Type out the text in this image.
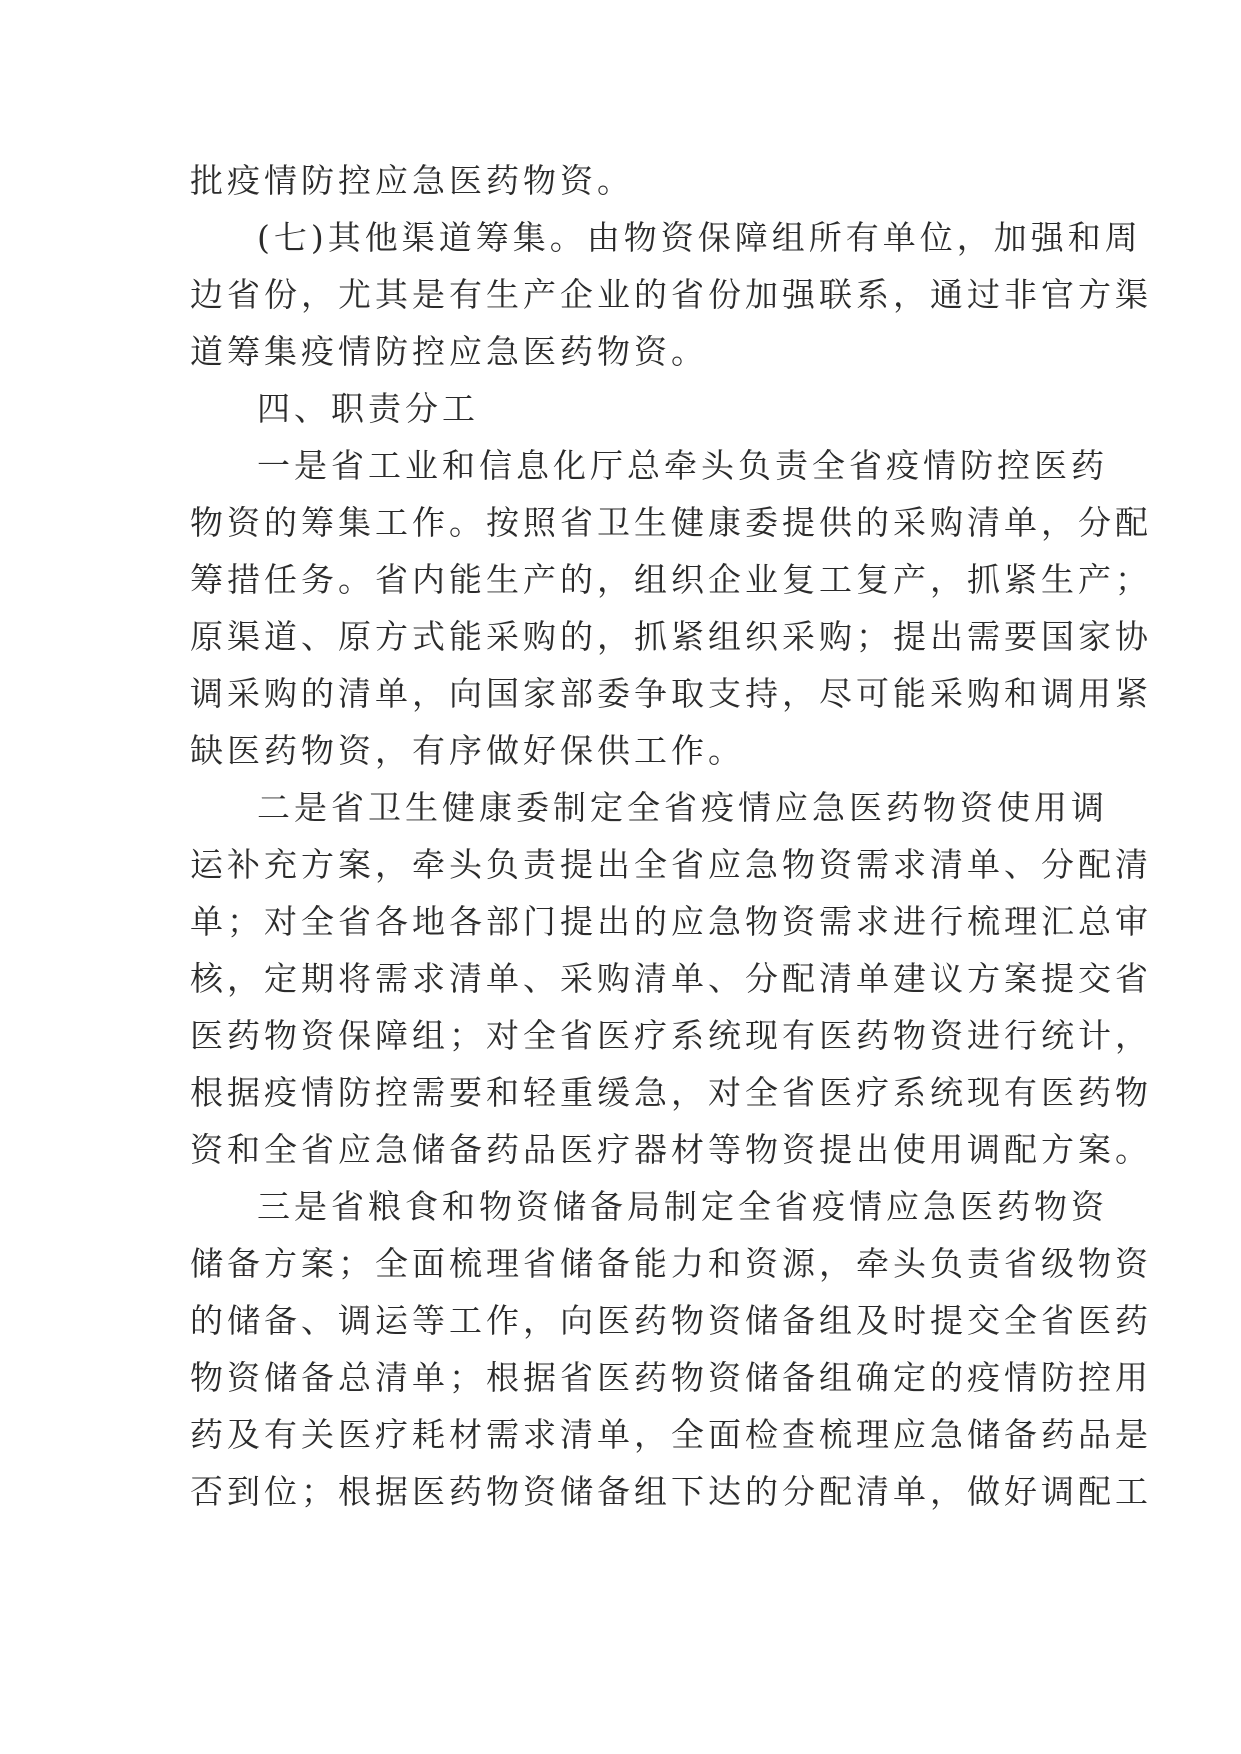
批疫情防控应急医药物资。
(七)其他渠道筹集。由物资保障组所有单位，加强和周
边省份，尤其是有生产企业的省份加强联系，通过非官方渠
道筹集疫情防控应急医药物资。
四、职责分工
一是省工业和信息化厅总牵头负责全省疫情防控医药
物资的筹集工作。按照省卫生健康委提供的采购清单，分配
筹措任务。省内能生产的，组织企业复工复产，抓紧生产；
原渠道、原方式能采购的，抓紧组织采购；提出需要国家协
调采购的清单，向国家部委争取支持，尽可能采购和调用紧
缺医药物资，有序做好保供工作。
二是省卫生健康委制定全省疫情应急医药物资使用调
运补充方案，牵头负责提出全省应急物资需求清单、分配清
单；对全省各地各部门提出的应急物资需求进行梳理汇总审
核，定期将需求清单、采购清单、分配清单建议方案提交省
医药物资保障组；对全省医疗系统现有医药物资进行统计，
根据疫情防控需要和轻重缓急，对全省医疗系统现有医药物
资和全省应急储备药品医疗器材等物资提出使用调配方案。
三是省粮食和物资储备局制定全省疫情应急医药物资
储备方案；全面梳理省储备能力和资源，牵头负责省级物资
的储备、调运等工作，向医药物资储备组及时提交全省医药
物资储备总清单；根据省医药物资储备组确定的疫情防控用
药及有关医疗耗材需求清单，全面检查梳理应急储备药品是
否到位；根据医药物资储备组下达的分配清单，做好调配工
